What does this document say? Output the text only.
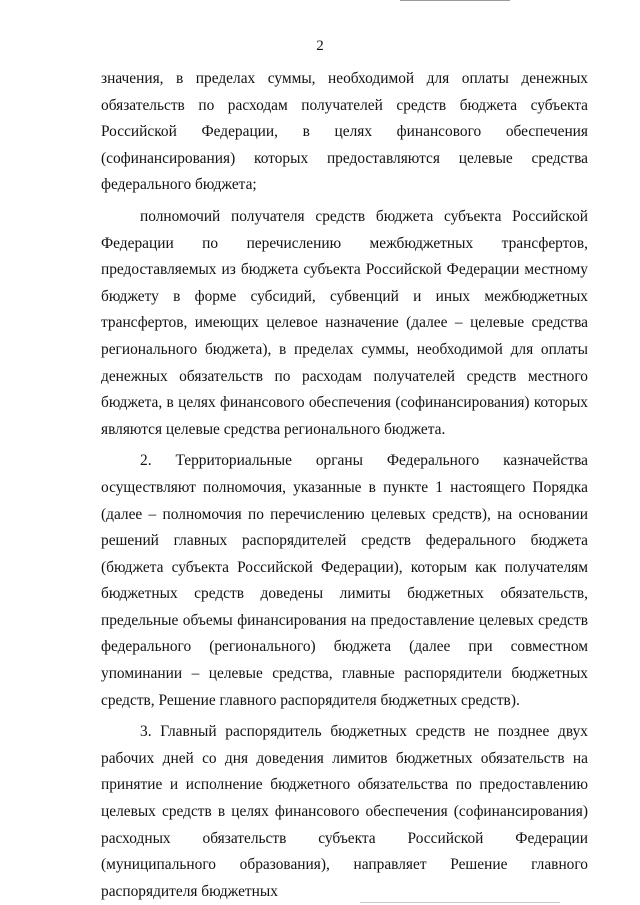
2

значения, в пределах суммы, необходимой для оплаты денежных обязательств по расходам получателей средств бюджета субъекта Российской Федерации, в целях финансового обеспечения (софинансирования) которых предоставляются целевые средства федерального бюджета;

полномочий получателя средств бюджета субъекта Российской Федерации по перечислению межбюджетных трансфертов, предоставляемых из бюджета субъекта Российской Федерации местному бюджету в форме субсидий, субвенций и иных межбюджетных трансфертов, имеющих целевое назначение (далее – целевые средства регионального бюджета), в пределах суммы, необходимой для оплаты денежных обязательств по расходам получателей средств местного бюджета, в целях финансового обеспечения (софинансирования) которых являются целевые средства регионального бюджета.

2. Территориальные органы Федерального казначейства осуществляют полномочия, указанные в пункте 1 настоящего Порядка (далее – полномочия по перечислению целевых средств), на основании решений главных распорядителей средств федерального бюджета (бюджета субъекта Российской Федерации), которым как получателям бюджетных средств доведены лимиты бюджетных обязательств, предельные объемы финансирования на предоставление целевых средств федерального (регионального) бюджета (далее при совместном упоминании – целевые средства, главные распорядители бюджетных средств, Решение главного распорядителя бюджетных средств).

3. Главный распорядитель бюджетных средств не позднее двух рабочих дней со дня доведения лимитов бюджетных обязательств на принятие и исполнение бюджетного обязательства по предоставлению целевых средств в целях финансового обеспечения (софинансирования) расходных обязательств субъекта Российской Федерации (муниципального образования), направляет Решение главного распорядителя бюджетных
